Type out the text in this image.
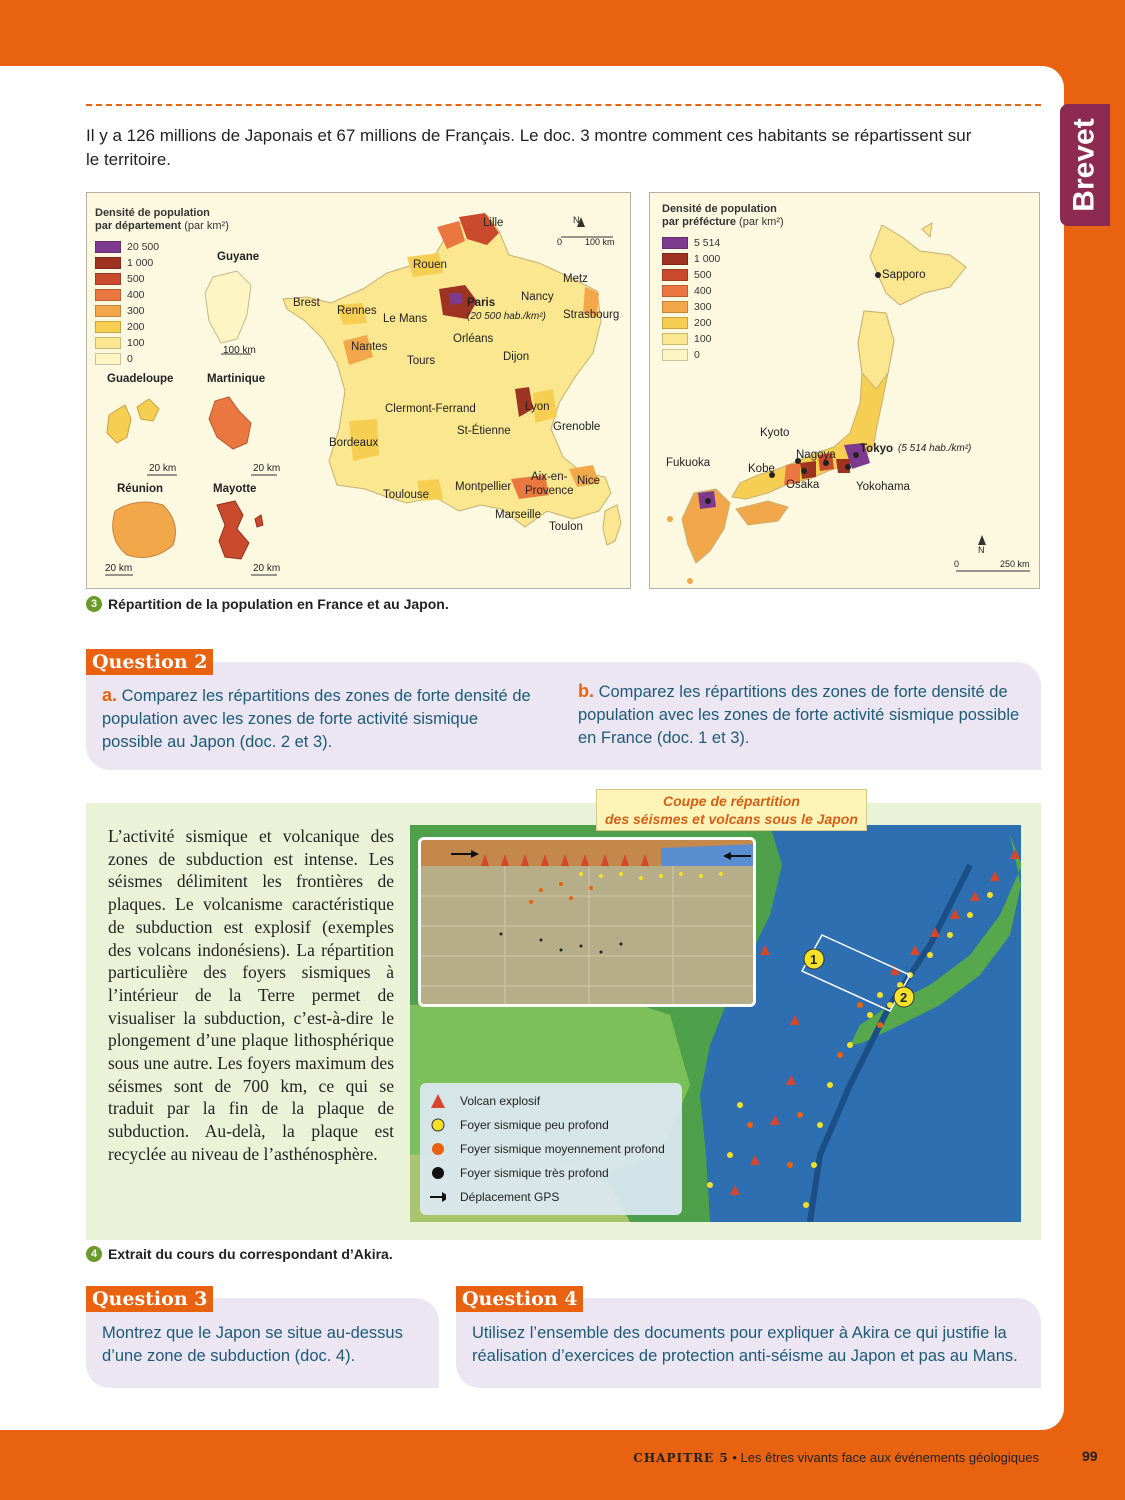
Brevet
Il y a 126 millions de Japonais et 67 millions de Français. Le doc. 3 montre comment ces habitants se répartissent sur le territoire.
Densité de population
par département (par km²)
20 500
1 000
500
400
300
200
100
0
Guyane
100 km
Guadeloupe	Martinique
20 km	20 km
Réunion	Mayotte
20 km	20 km
N
0	100 km
Lille
Rouen
Metz
Brest	Paris
(20 500 hab./km²)
Nancy
Strasbourg
Rennes
Le Mans
Orléans
Nantes
Tours	Dijon
Clermont-Ferrand	Lyon
St-Étienne	Grenoble
Bordeaux
Aix-en-
Provence
Nice
Montpellier
Toulouse
Marseille
Toulon
Densité de population
par préfécture (par km²)
5 514
1 000
500
400
300
200
100
0
Sapporo
Kyoto
Tokyo (5 514 hab./km²)
Fukuoka	Kobe
Nagoya
Osaka	Yokohama
N
0	250 km
3 Répartition de la population en France et au Japon.
Question 2
a. Comparez les répartitions des zones de forte densité de population avec les zones de forte activité sismique possible au Japon (doc. 2 et 3).
b. Comparez les répartitions des zones de forte densité de population avec les zones de forte activité sismique possible en France (doc. 1 et 3).
L’activité sismique et volcanique des zones de subduction est intense. Les séismes délimitent les frontières de plaques. Le volcanisme caractéristique de subduction est explosif (exemples des volcans indonésiens). La répartition particulière des foyers sismiques à l’intérieur de la Terre permet de visualiser la subduction, c’est-à-dire le plongement d’une plaque lithosphérique sous une autre. Les foyers maximum des séismes sont de 700 km, ce qui se traduit par la fin de la plaque de subduction. Au-delà, la plaque est recyclée au niveau de l’asthénosphère.
Coupe de répartition
des séismes et volcans sous le Japon
1
2
Volcan explosif
Foyer sismique peu profond
Foyer sismique moyennement profond
Foyer sismique très profond
Déplacement GPS
4 Extrait du cours du correspondant d’Akira.
Question 3
Montrez que le Japon se situe au-dessus d’une zone de subduction (doc. 4).
Question 4
Utilisez l’ensemble des documents pour expliquer à Akira ce qui justifie la réalisation d’exercices de protection anti-séisme au Japon et pas au Mans.
CHAPITRE 5 • Les êtres vivants face aux événements géologiques	99
